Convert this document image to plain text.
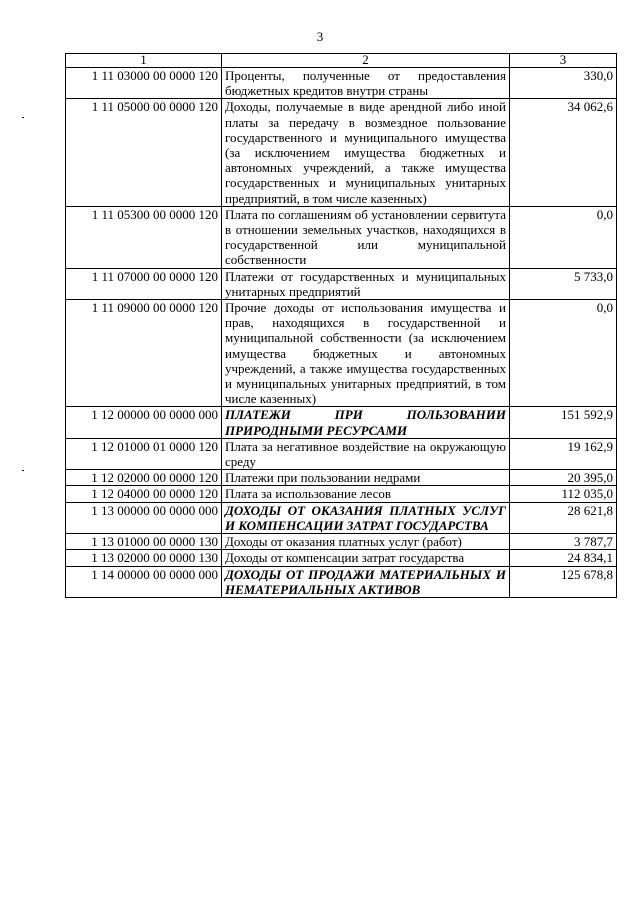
3
1	2	3
1 11 03000 00 0000 120	Проценты, полученные от предоставления бюджетных кредитов внутри страны	330,0
1 11 05000 00 0000 120	Доходы, получаемые в виде арендной либо иной платы за передачу в возмездное пользование государственного и муниципального имущества (за исключением имущества бюджетных и автономных учреждений, а также имущества государственных и муниципальных унитарных предприятий, в том числе казенных)	34 062,6
1 11 05300 00 0000 120	Плата по соглашениям об установлении сервитута в отношении земельных участков, находящихся в государственной или муниципальной собственности	0,0
1 11 07000 00 0000 120	Платежи от государственных и муниципальных унитарных предприятий	5 733,0
1 11 09000 00 0000 120	Прочие доходы от использования имущества и прав, находящихся в государственной и муниципальной собственности (за исключением имущества бюджетных и автономных учреждений, а также имущества государственных и муниципальных унитарных предприятий, в том числе казенных)	0,0
1 12 00000 00 0000 000	ПЛАТЕЖИ ПРИ ПОЛЬЗОВАНИИ ПРИРОДНЫМИ РЕСУРСАМИ	151 592,9
1 12 01000 01 0000 120	Плата за негативное воздействие на окружающую среду	19 162,9
1 12 02000 00 0000 120	Платежи при пользовании недрами	20 395,0
1 12 04000 00 0000 120	Плата за использование лесов	112 035,0
1 13 00000 00 0000 000	ДОХОДЫ ОТ ОКАЗАНИЯ ПЛАТНЫХ УСЛУГ И КОМПЕНСАЦИИ ЗАТРАТ ГОСУДАРСТВА	28 621,8
1 13 01000 00 0000 130	Доходы от оказания платных услуг (работ)	3 787,7
1 13 02000 00 0000 130	Доходы от компенсации затрат государства	24 834,1
1 14 00000 00 0000 000	ДОХОДЫ ОТ ПРОДАЖИ МАТЕРИАЛЬНЫХ И НЕМАТЕРИАЛЬНЫХ АКТИВОВ	125 678,8
